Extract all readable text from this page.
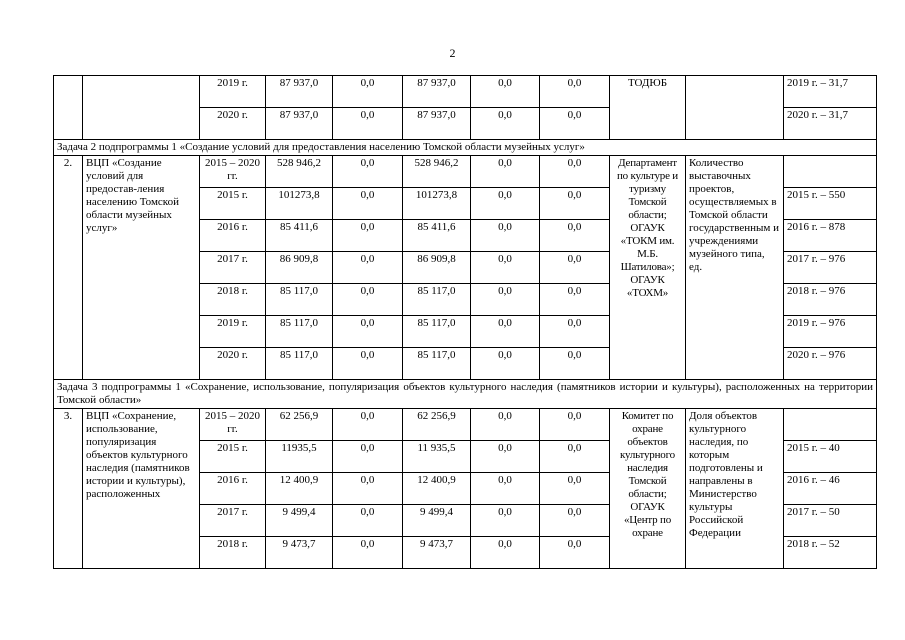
2
		2019 г.	87 937,0	0,0	87 937,0	0,0	0,0	ТОДЮБ		2019 г. – 31,7
		2020 г.	87 937,0	0,0	87 937,0	0,0	0,0			2020 г. – 31,7
Задача 2 подпрограммы 1 «Создание условий для предоставления населению Томской области музейных услуг»										
2.	ВЦП «Создание условий для предостав-ления населению Томской области музейных услуг»	2015 – 2020 гг.	528 946,2	0,0	528 946,2	0,0	0,0	Департамент по культуре и туризму Томской области; ОГАУК «ТОКМ им. М.Б. Шатилова»; ОГАУК «ТОХМ»	Количество выставочных проектов, осуществляемых в Томской области государственным и учреждениями музейного типа, ед.	
		2015 г.	101273,8	0,0	101273,8	0,0	0,0			2015 г. – 550
		2016 г.	85 411,6	0,0	85 411,6	0,0	0,0			2016 г. – 878
		2017 г.	86 909,8	0,0	86 909,8	0,0	0,0			2017 г. – 976
		2018 г.	85 117,0	0,0	85 117,0	0,0	0,0			2018 г. – 976
		2019 г.	85 117,0	0,0	85 117,0	0,0	0,0			2019 г. – 976
		2020 г.	85 117,0	0,0	85 117,0	0,0	0,0			2020 г. – 976
Задача 3 подпрограммы 1 «Сохранение, использование, популяризация объектов культурного наследия (памятников истории и культуры), расположенных на территории Томской области»										
3.	ВЦП «Сохранение, использование, популяризация объектов культурного наследия (памятников истории и культуры), расположенных	2015 – 2020 гг.	62 256,9	0,0	62 256,9	0,0	0,0	Комитет по охране объектов культурного наследия Томской области; ОГАУК «Центр по охране	Доля объектов культурного наследия, по которым подготовлены и направлены в Министерство культуры Российской Федерации	
		2015 г.	11935,5	0,0	11 935,5	0,0	0,0			2015 г. – 40
		2016 г.	12 400,9	0,0	12 400,9	0,0	0,0			2016 г. – 46
		2017 г.	9 499,4	0,0	9 499,4	0,0	0,0			2017 г. – 50
		2018 г.	9 473,7	0,0	9 473,7	0,0	0,0			2018 г. – 52
